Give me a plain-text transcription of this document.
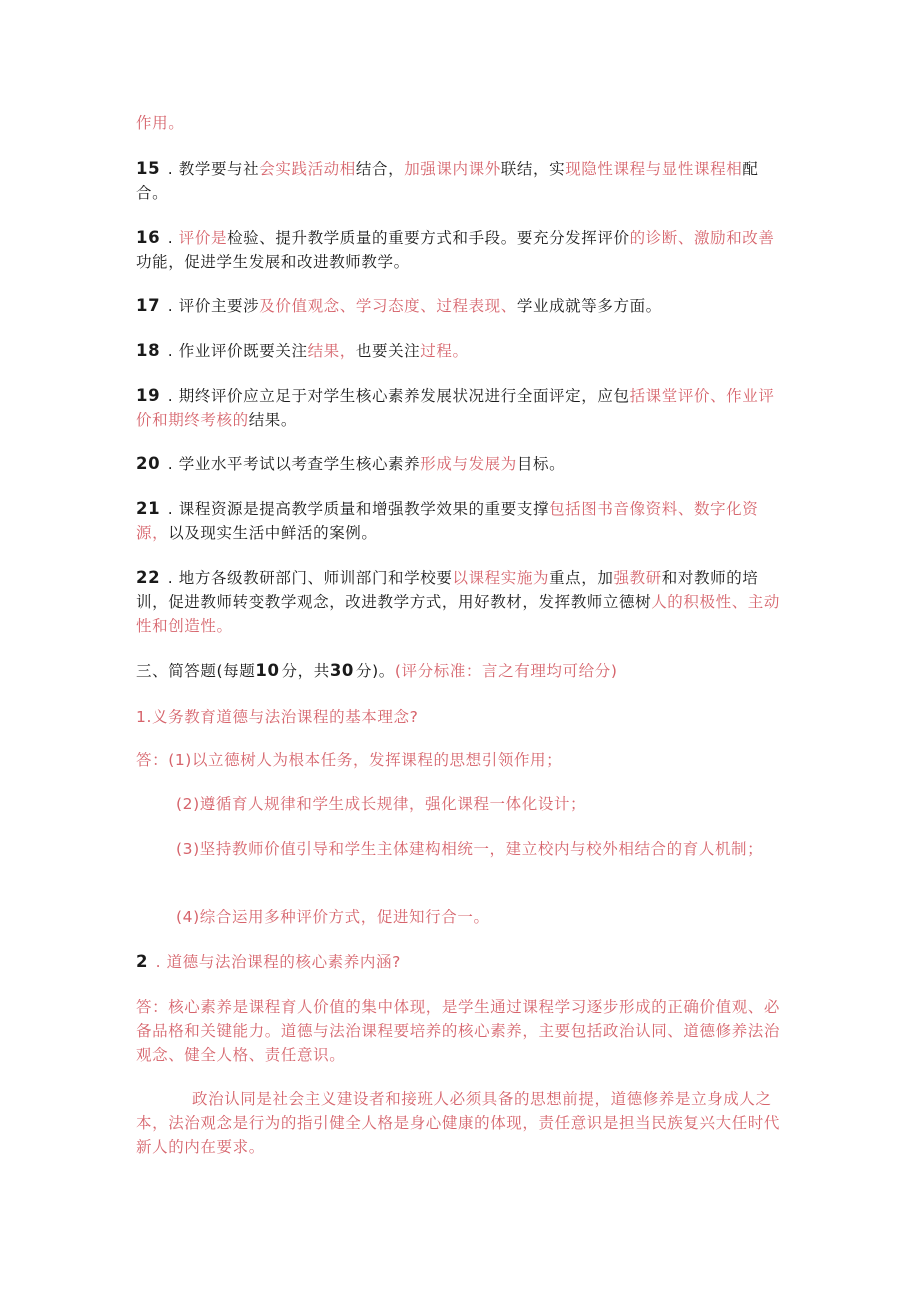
作用。

15 . 教学要与社会实践活动相结合，加强课内课外联结，实现隐性课程与显性课程相配合。

16 . 评价是检验、提升教学质量的重要方式和手段。要充分发挥评价的诊断、激励和改善功能，促进学生发展和改进教师教学。

17 . 评价主要涉及价值观念、学习态度、过程表现、学业成就等多方面。

18 . 作业评价既要关注结果，也要关注过程。

19 . 期终评价应立足于对学生核心素养发展状况进行全面评定，应包括课堂评价、作业评价和期终考核的结果。

20 . 学业水平考试以考查学生核心素养形成与发展为目标。

21 . 课程资源是提高教学质量和增强教学效果的重要支撑包括图书音像资料、数字化资源，以及现实生活中鲜活的案例。

22 . 地方各级教研部门、师训部门和学校要以课程实施为重点，加强教研和对教师的培训，促进教师转变教学观念，改进教学方式，用好教材，发挥教师立德树人的积极性、主动性和创造性。

三、简答题(每题10 分，共30 分)。(评分标准：言之有理均可给分)

1.义务教育道德与法治课程的基本理念?

答：(1)以立德树人为根本任务，发挥课程的思想引领作用；

(2)遵循育人规律和学生成长规律，强化课程一体化设计；

(3)坚持教师价值引导和学生主体建构相统一，建立校内与校外相结合的育人机制；

(4)综合运用多种评价方式，促进知行合一。

2 . 道德与法治课程的核心素养内涵?

答：核心素养是课程育人价值的集中体现，是学生通过课程学习逐步形成的正确价值观、必备品格和关键能力。道德与法治课程要培养的核心素养，主要包括政治认同、道德修养法治观念、健全人格、责任意识。

政治认同是社会主义建设者和接班人必须具备的思想前提，道德修养是立身成人之本，法治观念是行为的指引健全人格是身心健康的体现，责任意识是担当民族复兴大任时代新人的内在要求。
